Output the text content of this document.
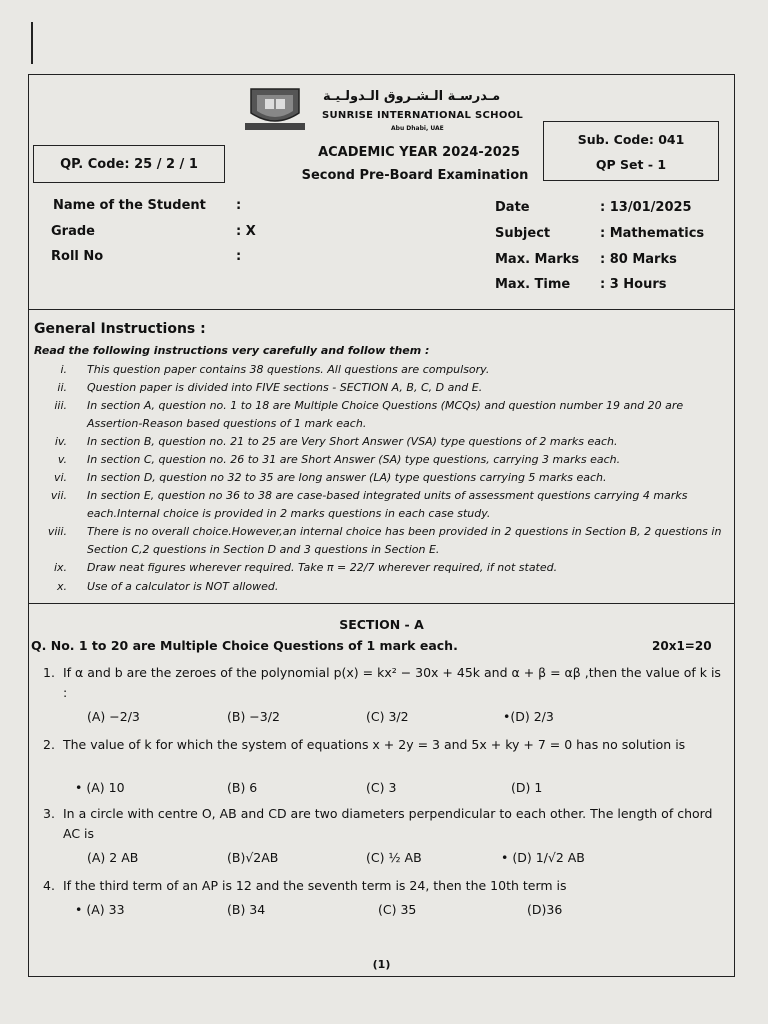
مـدرسـة الـشـروق الـدولـيـة
SUNRISE INTERNATIONAL SCHOOL
Abu Dhabi, UAE
QP. Code: 25 / 2 / 1
ACADEMIC YEAR 2024-2025
Second Pre-Board Examination
Sub. Code: 041
QP Set - 1
Name of the Student :
Grade	: X
Roll No	:
Date	: 13/01/2025
Subject	: Mathematics
Max. Marks : 80 Marks
Max. Time : 3 Hours
General Instructions :
Read the following instructions very carefully and follow them :
i. This question paper contains 38 questions. All questions are compulsory.
ii. Question paper is divided into FIVE sections - SECTION A, B, C, D and E.
iii. In section A, question no. 1 to 18 are Multiple Choice Questions (MCQs) and question number 19 and 20 are Assertion-Reason based questions of 1 mark each.
iv. In section B, question no. 21 to 25 are Very Short Answer (VSA) type questions of 2 marks each.
v. In section C, question no. 26 to 31 are Short Answer (SA) type questions, carrying 3 marks each.
vi. In section D, question no 32 to 35 are long answer (LA) type questions carrying 5 marks each.
vii. In section E, question no 36 to 38 are case-based integrated units of assessment questions carrying 4 marks each.Internal choice is provided in 2 marks questions in each case study.
viii. There is no overall choice.However,an internal choice has been provided in 2 questions in Section B, 2 questions in Section C,2 questions in Section D and 3 questions in Section E.
ix. Draw neat figures wherever required. Take π = 22/7 wherever required, if not stated.
x. Use of a calculator is NOT allowed.
SECTION - A
Q. No. 1 to 20 are Multiple Choice Questions of 1 mark each.	20x1=20
1. If α and b are the zeroes of the polynomial p(x) = kx² − 30x + 45k and α + β = αβ ,then the value of k is :
(A) −2/3	(B) −3/2	(C) 3/2	•(D) 2/3
2. The value of k for which the system of equations x + 2y = 3 and 5x + ky + 7 = 0 has no solution is
• (A) 10	(B) 6	(C) 3	(D) 1
3. In a circle with centre O, AB and CD are two diameters perpendicular to each other. The length of chord AC is
(A) 2 AB	(B)√2AB	(C) ½ AB	• (D) 1/√2 AB
4. If the third term of an AP is 12 and the seventh term is 24, then the 10th term is
• (A) 33	(B) 34	(C) 35	(D)36
(1)
